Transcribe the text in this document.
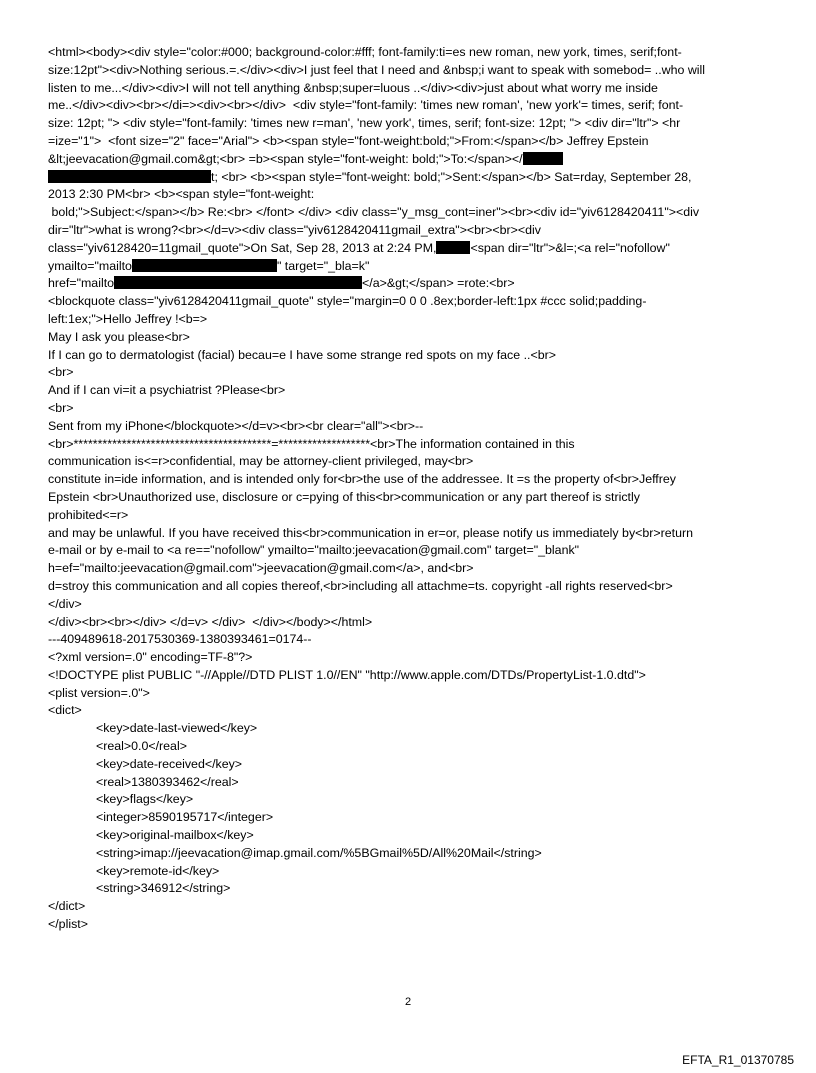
<html><body><div style="color:#000; background-color:#fff; font-family:ti=es new roman, new york, times, serif;font-
size:12pt"><div>Nothing serious.=.</div><div>I just feel that I need and &nbsp;i want to speak with somebod= ..who will
listen to me...</div><div>I will not tell anything &nbsp;super=luous ..</div><div>just about what worry me inside
me..</div><div><br></di=><div><br></div>  <div style="font-family: 'times new roman', 'new york'= times, serif; font-
size: 12pt; "> <div style="font-family: 'times new r=man', 'new york', times, serif; font-size: 12pt; "> <div dir="ltr"> <hr
=ize="1">  <font size="2" face="Arial"> <b><span style="font-weight:bold;">From:</span></b> Jeffrey Epstein
&lt;jeevacation@gmail.com&gt;<br> =b><span style="font-weight: bold;">To:</span></
t; <br> <b><span style="font-weight: bold;">Sent:</span></b> Sat=rday, September 28,
2013 2:30 PM<br> <b><span style="font-weight:
bold;">Subject:</span></b> Re:<br> </font> </div> <div class="y_msg_cont=iner"><br><div id="yiv6128420411"><div
dir="ltr">what is wrong?<br></d=v><div class="yiv6128420411gmail_extra"><br><br><div
class="yiv6128420=11gmail_quote">On Sat, Sep 28, 2013 at 2:24 PM,	<span dir="ltr">&l=;<a rel="nofollow"
ymailto="mailto	" target="_bla=k"
href="mailto	</a>&gt;</span> =rote:<br>
<blockquote class="yiv6128420411gmail_quote" style="margin=0 0 0 .8ex;border-left:1px #ccc solid;padding-
left:1ex;">Hello Jeffrey !<b=>
May I ask you please<br>
If I can go to dermatologist (facial) becau=e I have some strange red spots on my face ..<br>
<br>
And if I can vi=it a psychiatrist ?Please<br>
<br>
Sent from my iPhone</blockquote></d=v><br><br clear="all"><br>--
<br>*****************************************=*******************<br>The information contained in this
communication is<=r>confidential, may be attorney-client privileged, may<br>
constitute in=ide information, and is intended only for<br>the use of the addressee. It =s the property of<br>Jeffrey
Epstein <br>Unauthorized use, disclosure or c=pying of this<br>communication or any part thereof is strictly
prohibited<=r>
and may be unlawful. If you have received this<br>communication in er=or, please notify us immediately by<br>return
e-mail or by e-mail to <a re=="nofollow" ymailto="mailto:jeevacation@gmail.com" target="_blank"
h=ef="mailto:jeevacation@gmail.com">jeevacation@gmail.com</a>, and<br>
d=stroy this communication and all copies thereof,<br>including all attachme=ts. copyright -all rights reserved<br>
</div>
</div><br><br></div> </d=v> </div>  </div></body></html>
---409489618-2017530369-1380393461=0174--
<?xml version=.0" encoding=TF-8"?>
<!DOCTYPE plist PUBLIC "-//Apple//DTD PLIST 1.0//EN" "http://www.apple.com/DTDs/PropertyList-1.0.dtd">
<plist version=.0">
<dict>
<key>date-last-viewed</key>
<real>0.0</real>
<key>date-received</key>
<real>1380393462</real>
<key>flags</key>
<integer>8590195717</integer>
<key>original-mailbox</key>
<string>imap://jeevacation@imap.gmail.com/%5BGmail%5D/All%20Mail</string>
<key>remote-id</key>
<string>346912</string>
</dict>
</plist>
2
EFTA_R1_01370785
